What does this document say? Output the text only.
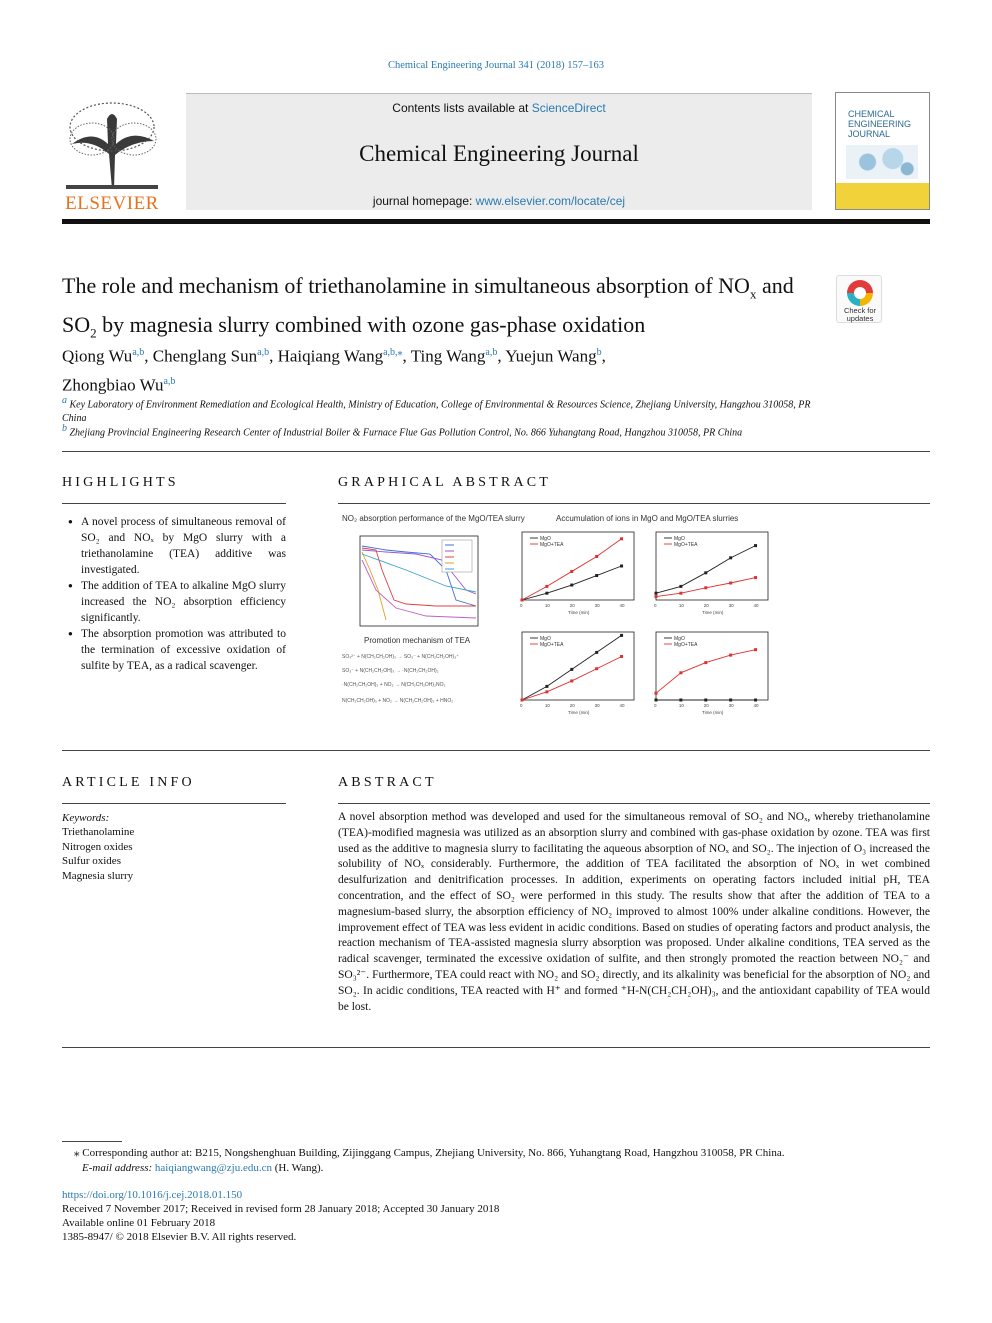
Chemical Engineering Journal 341 (2018) 157–163
ELSEVIER
Contents lists available at ScienceDirect
Chemical Engineering Journal
journal homepage: www.elsevier.com/locate/cej
CHEMICAL ENGINEERING JOURNAL
The role and mechanism of triethanolamine in simultaneous absorption of $NO_x$ and $SO_2$ by magnesia slurry combined with ozone gas-phase oxidation
Check for updates
Qiong Wu$^{a,b}$, Chenglang Sun$^{a,b}$, Haiqiang Wang$^{a,b,⁎}$, Ting Wang$^{a,b}$, Yuejun Wang$^b$,
Zhongbiao Wu$^{a,b}$
$^a$ Key Laboratory of Environment Remediation and Ecological Health, Ministry of Education, College of Environmental & Resources Science, Zhejiang University, Hangzhou 310058, PR China
$^b$ Zhejiang Provincial Engineering Research Center of Industrial Boiler & Furnace Flue Gas Pollution Control, No. 866 Yuhangtang Road, Hangzhou 310058, PR China
HIGHLIGHTS
● A novel process of simultaneous removal of SO₂ and NOₓ by MgO slurry with a triethanolamine (TEA) additive was investigated.
● The addition of TEA to alkaline MgO slurry increased the NO₂ absorption efficiency significantly.
● The absorption promotion was attributed to the termination of excessive oxidation of sulfite by TEA, as a radical scavenger.
GRAPHICAL ABSTRACT
NO₂ absorption performance of the MgO/TEA slurry	Accumulation of ions in MgO and MgO/TEA slurries
Promotion mechanism of TEA
SO₃²⁻ + N(CH₂CH₂OH)₃ → SO₃⁻ + N(CH₂CH₂OH)₃⁺
SO₃⁻ + N(CH₂CH₂OH)₃ → ·N(CH₂CH₂OH)₂
·N(CH₂CH₂OH)₂ + NO₂ → N(CH₂CH₂OH)₂NO₂
N(CH₂CH₂OH)₃ + NO₂ → N(CH₂CH₂OH)₂ + HNO₂
MgO
MgO+TEA
0	10	20	30	40
Time (min)
MgO
MgO+TEA
0	10	20	30	40
Time (min)
MgO
MgO+TEA
0	10	20	30	40
Time (min)
MgO
MgO+TEA
0	10	20	30	40
Time (min)
ARTICLE INFO
Keywords:
Triethanolamine
Nitrogen oxides
Sulfur oxides
Magnesia slurry
ABSTRACT
A novel absorption method was developed and used for the simultaneous removal of SO₂ and NOₓ, whereby triethanolamine (TEA)-modified magnesia was utilized as an absorption slurry and combined with gas-phase oxidation by ozone. TEA was first used as the additive to magnesia slurry to facilitating the aqueous absorption of NOₓ and SO₂. The injection of O₃ increased the solubility of NOₓ considerably. Furthermore, the addition of TEA facilitated the absorption of NOₓ in wet combined desulfurization and denitrification processes. In addition, experiments on operating factors included initial pH, TEA concentration, and the effect of SO₂ were performed in this study. The results show that after the addition of TEA to a magnesium-based slurry, the absorption efficiency of NO₂ improved to almost 100% under alkaline conditions. However, the improvement effect of TEA was less evident in acidic conditions. Based on studies of operating factors and product analysis, the reaction mechanism of TEA-assisted magnesia slurry absorption was proposed. Under alkaline conditions, TEA served as the radical scavenger, terminated the excessive oxidation of sulfite, and then strongly promoted the reaction between NO₂⁻ and SO₃²⁻. Furthermore, TEA could react with NO₂ and SO₂ directly, and its alkalinity was beneficial for the absorption of NO₂ and SO₂. In acidic conditions, TEA reacted with H⁺ and formed ⁺H-N(CH₂CH₂OH)₃, and the antioxidant capability of TEA would be lost.
⁎ Corresponding author at: B215, Nongshenghuan Building, Zijinggang Campus, Zhejiang University, No. 866, Yuhangtang Road, Hangzhou 310058, PR China.
E-mail address: haiqiangwang@zju.edu.cn (H. Wang).
https://doi.org/10.1016/j.cej.2018.01.150
Received 7 November 2017; Received in revised form 28 January 2018; Accepted 30 January 2018
Available online 01 February 2018
1385-8947/ © 2018 Elsevier B.V. All rights reserved.
